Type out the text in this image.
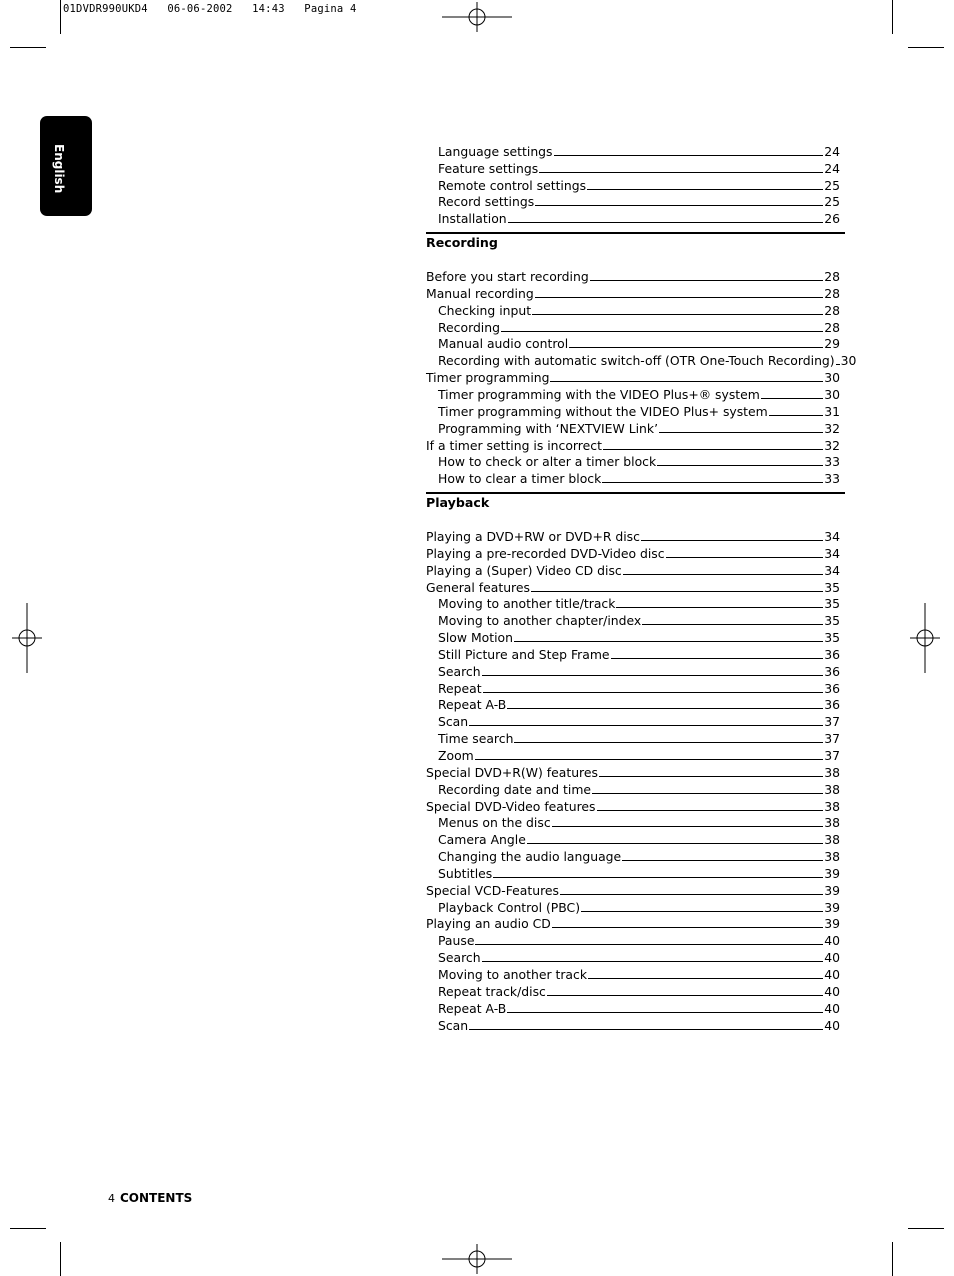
01DVDR990UKD4   06-06-2002   14:43   Pagina 4
English	Language settings	24
Feature settings	24
Remote control settings	25
Record settings	25
Installation	26
Recording
Before you start recording	28
Manual recording	28
Checking input	28
Recording	28
Manual audio control	29
Recording with automatic switch-off (OTR One-Touch Recording) 30
Timer programming	30
Timer programming with the VIDEO Plus+® system	30
Timer programming without the VIDEO Plus+ system	31
Programming with ‘NEXTVIEW Link’	32
If a timer setting is incorrect	32
How to check or alter a timer block	33
How to clear a timer block	33
Playback
Playing a DVD+RW or DVD+R disc	34
Playing a pre-recorded DVD-Video disc	34
Playing a (Super) Video CD disc	34
General features	35
Moving to another title/track	35
Moving to another chapter/index	35
Slow Motion	35
Still Picture and Step Frame	36
Search	36
Repeat	36
Repeat A-B	36
Scan	37
Time search	37
Zoom	37
Special DVD+R(W) features	38
Recording date and time	38
Special DVD-Video features	38
Menus on the disc	38
Camera Angle	38
Changing the audio language	38
Subtitles	39
Special VCD-Features	39
Playback Control (PBC)	39
Playing an audio CD	39
Pause	40
Search	40
Moving to another track	40
Repeat track/disc	40
Repeat A-B	40
Scan	40
4 CONTENTS
